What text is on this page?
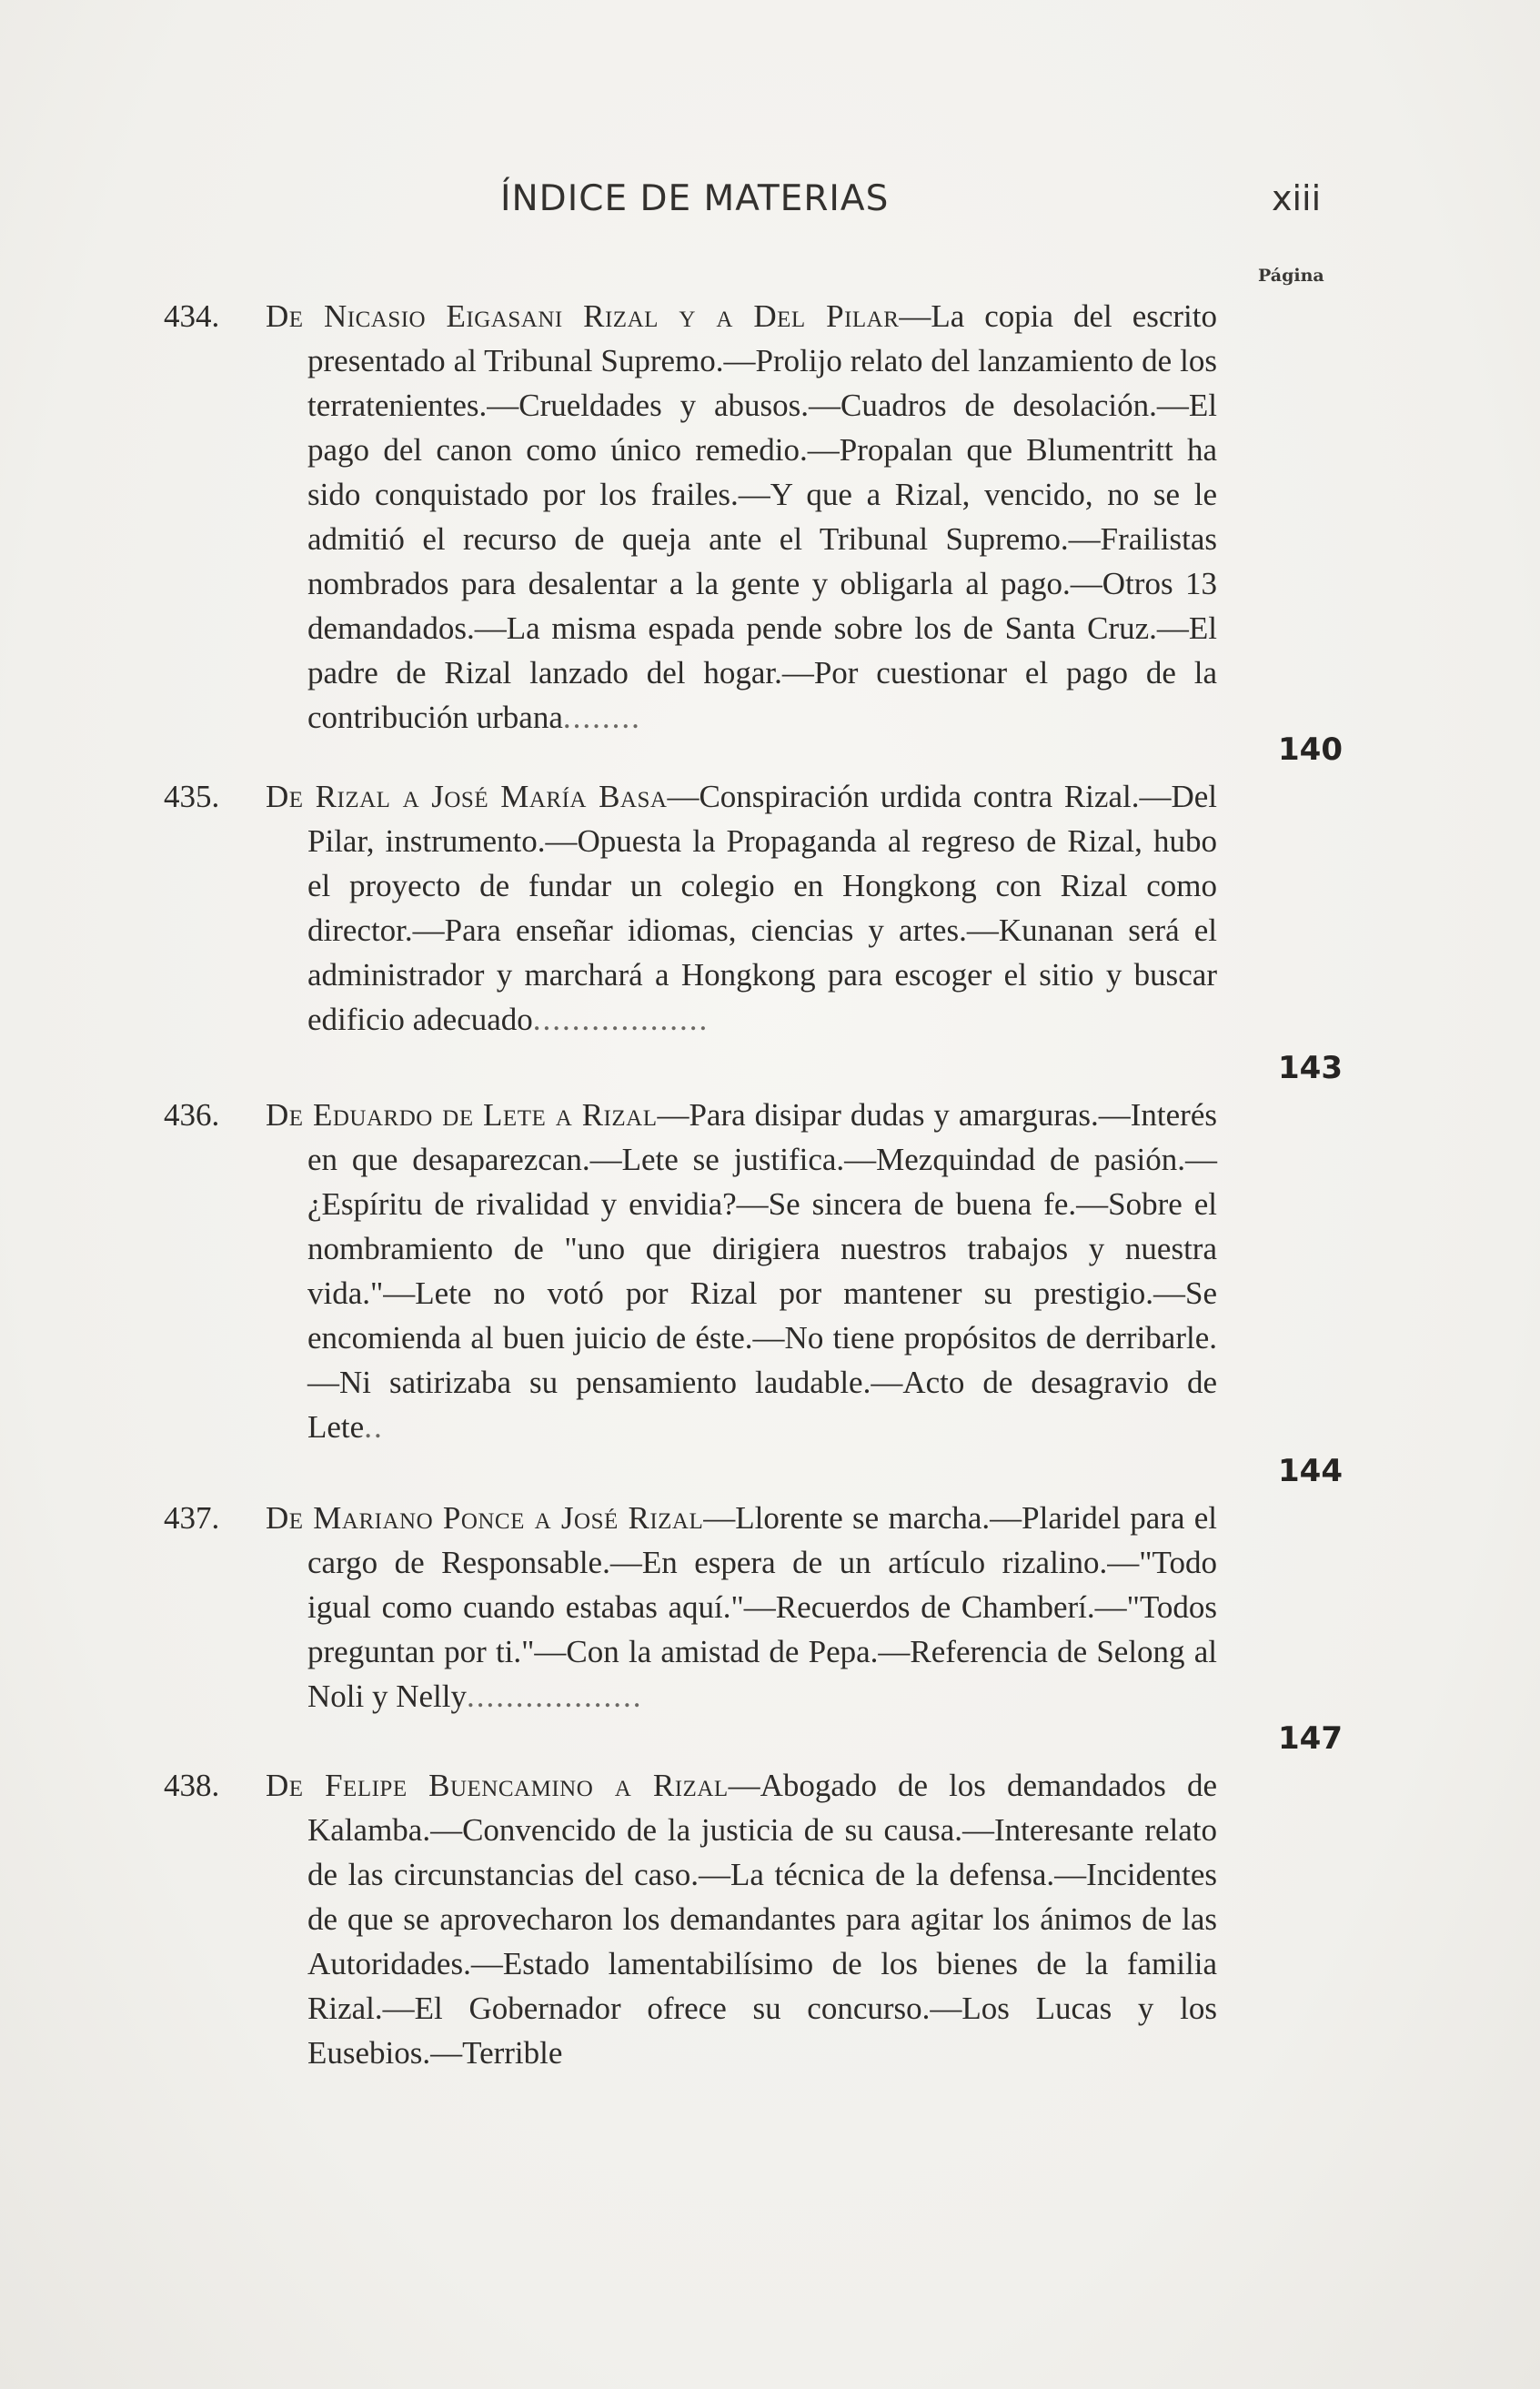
ÍNDICE DE MATERIAS	xiii
Página
434. De Nicasio Eigasani Rizal y a Del Pilar—La copia del escrito presentado al Tribunal Supremo.—Prolijo relato del lanzamiento de los terratenientes.—Crueldades y abusos.—Cuadros de desolación.—El pago del canon como único remedio.—Propalan que Blumentritt ha sido conquistado por los frailes.—Y que a Rizal, vencido, no se le admitió el recurso de queja ante el Tribunal Supremo.—Frailistas nombrados para desalentar a la gente y obligarla al pago.—Otros 13 demandados.—La misma espada pende sobre los de Santa Cruz.—El padre de Rizal lanzado del hogar.—Por cuestionar el pago de la contribución urbana........
140
435. De Rizal a José María Basa—Conspiración urdida contra Rizal.—Del Pilar, instrumento.—Opuesta la Propaganda al regreso de Rizal, hubo el proyecto de fundar un colegio en Hongkong con Rizal como director.—Para enseñar idiomas, ciencias y artes.—Kunanan será el administrador y marchará a Hongkong para escoger el sitio y buscar edificio adecuado..................
143
436. De Eduardo de Lete a Rizal—Para disipar dudas y amarguras.—Interés en que desaparezcan.—Lete se justifica.—Mezquindad de pasión.—¿Espíritu de rivalidad y envidia?—Se sincera de buena fe.—Sobre el nombramiento de "uno que dirigiera nuestros trabajos y nuestra vida."—Lete no votó por Rizal por mantener su prestigio.—Se encomienda al buen juicio de éste.—No tiene propósitos de derribarle.—Ni satirizaba su pensamiento laudable.—Acto de desagravio de Lete..
144
437. De Mariano Ponce a José Rizal—Llorente se marcha.—Plaridel para el cargo de Responsable.—En espera de un artículo rizalino.—"Todo igual como cuando estabas aquí."—Recuerdos de Chamberí.—"Todos preguntan por ti."—Con la amistad de Pepa.—Referencia de Selong al Noli y Nelly..................
147
438. De Felipe Buencamino a Rizal—Abogado de los demandados de Kalamba.—Convencido de la justicia de su causa.—Interesante relato de las circunstancias del caso.—La técnica de la defensa.—Incidentes de que se aprovecharon los demandantes para agitar los ánimos de las Autoridades.—Estado lamentabilísimo de los bienes de la familia Rizal.—El Gobernador ofrece su concurso.—Los Lucas y los Eusebios.—Terrible
